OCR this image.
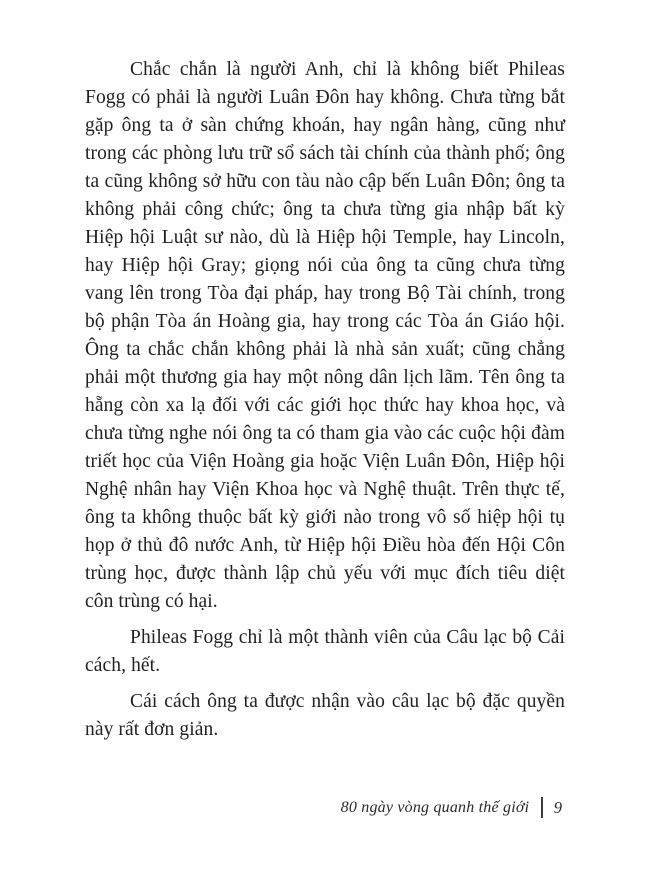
Chắc chắn là người Anh, chỉ là không biết Phileas Fogg có phải là người Luân Đôn hay không. Chưa từng bắt gặp ông ta ở sàn chứng khoán, hay ngân hàng, cũng như trong các phòng lưu trữ sổ sách tài chính của thành phố; ông ta cũng không sở hữu con tàu nào cập bến Luân Đôn; ông ta không phải công chức; ông ta chưa từng gia nhập bất kỳ Hiệp hội Luật sư nào, dù là Hiệp hội Temple, hay Lincoln, hay Hiệp hội Gray; giọng nói của ông ta cũng chưa từng vang lên trong Tòa đại pháp, hay trong Bộ Tài chính, trong bộ phận Tòa án Hoàng gia, hay trong các Tòa án Giáo hội. Ông ta chắc chắn không phải là nhà sản xuất; cũng chẳng phải một thương gia hay một nông dân lịch lãm. Tên ông ta hẵng còn xa lạ đối với các giới học thức hay khoa học, và chưa từng nghe nói ông ta có tham gia vào các cuộc hội đàm triết học của Viện Hoàng gia hoặc Viện Luân Đôn, Hiệp hội Nghệ nhân hay Viện Khoa học và Nghệ thuật. Trên thực tế, ông ta không thuộc bất kỳ giới nào trong vô số hiệp hội tụ họp ở thủ đô nước Anh, từ Hiệp hội Điều hòa đến Hội Côn trùng học, được thành lập chủ yếu với mục đích tiêu diệt côn trùng có hại.

Phileas Fogg chỉ là một thành viên của Câu lạc bộ Cải cách, hết.

Cái cách ông ta được nhận vào câu lạc bộ đặc quyền này rất đơn giản.

80 ngày vòng quanh thế giới 9
